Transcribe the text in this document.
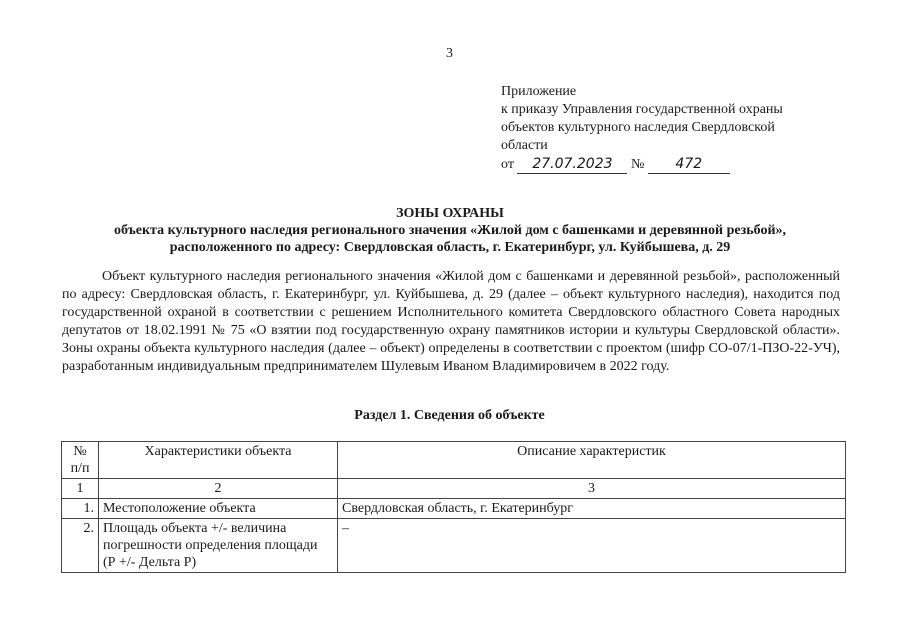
3
Приложение
к приказу Управления государственной охраны
объектов культурного наследия Свердловской
области
от 27.07.2023 № 472
ЗОНЫ ОХРАНЫ
объекта культурного наследия регионального значения «Жилой дом с башенками и деревянной резьбой»,
расположенного по адресу: Свердловская область, г. Екатеринбург, ул. Куйбышева, д. 29

Объект культурного наследия регионального значения «Жилой дом с башенками и деревянной резьбой», расположенный по адресу: Свердловская область, г. Екатеринбург, ул. Куйбышева, д. 29 (далее – объект культурного наследия), находится под государственной охраной в соответствии с решением Исполнительного комитета Свердловского областного Совета народных депутатов от 18.02.1991 № 75 «О взятии под государственную охрану памятников истории и культуры Свердловской области». Зоны охраны объекта культурного наследия (далее – объект) определены в соответствии с проектом (шифр СО-07/1-ПЗО-22-УЧ), разработанным индивидуальным предпринимателем Шулевым Иваном Владимировичем в 2022 году.

Раздел 1. Сведения об объекте
№ п/п	Характеристики объекта	Описание характеристик
1	2	3
1.	Местоположение объекта	Свердловская область, г. Екатеринбург
2.	Площадь объекта +/- величина погрешности определения площади (Р +/- Дельта Р)	–
